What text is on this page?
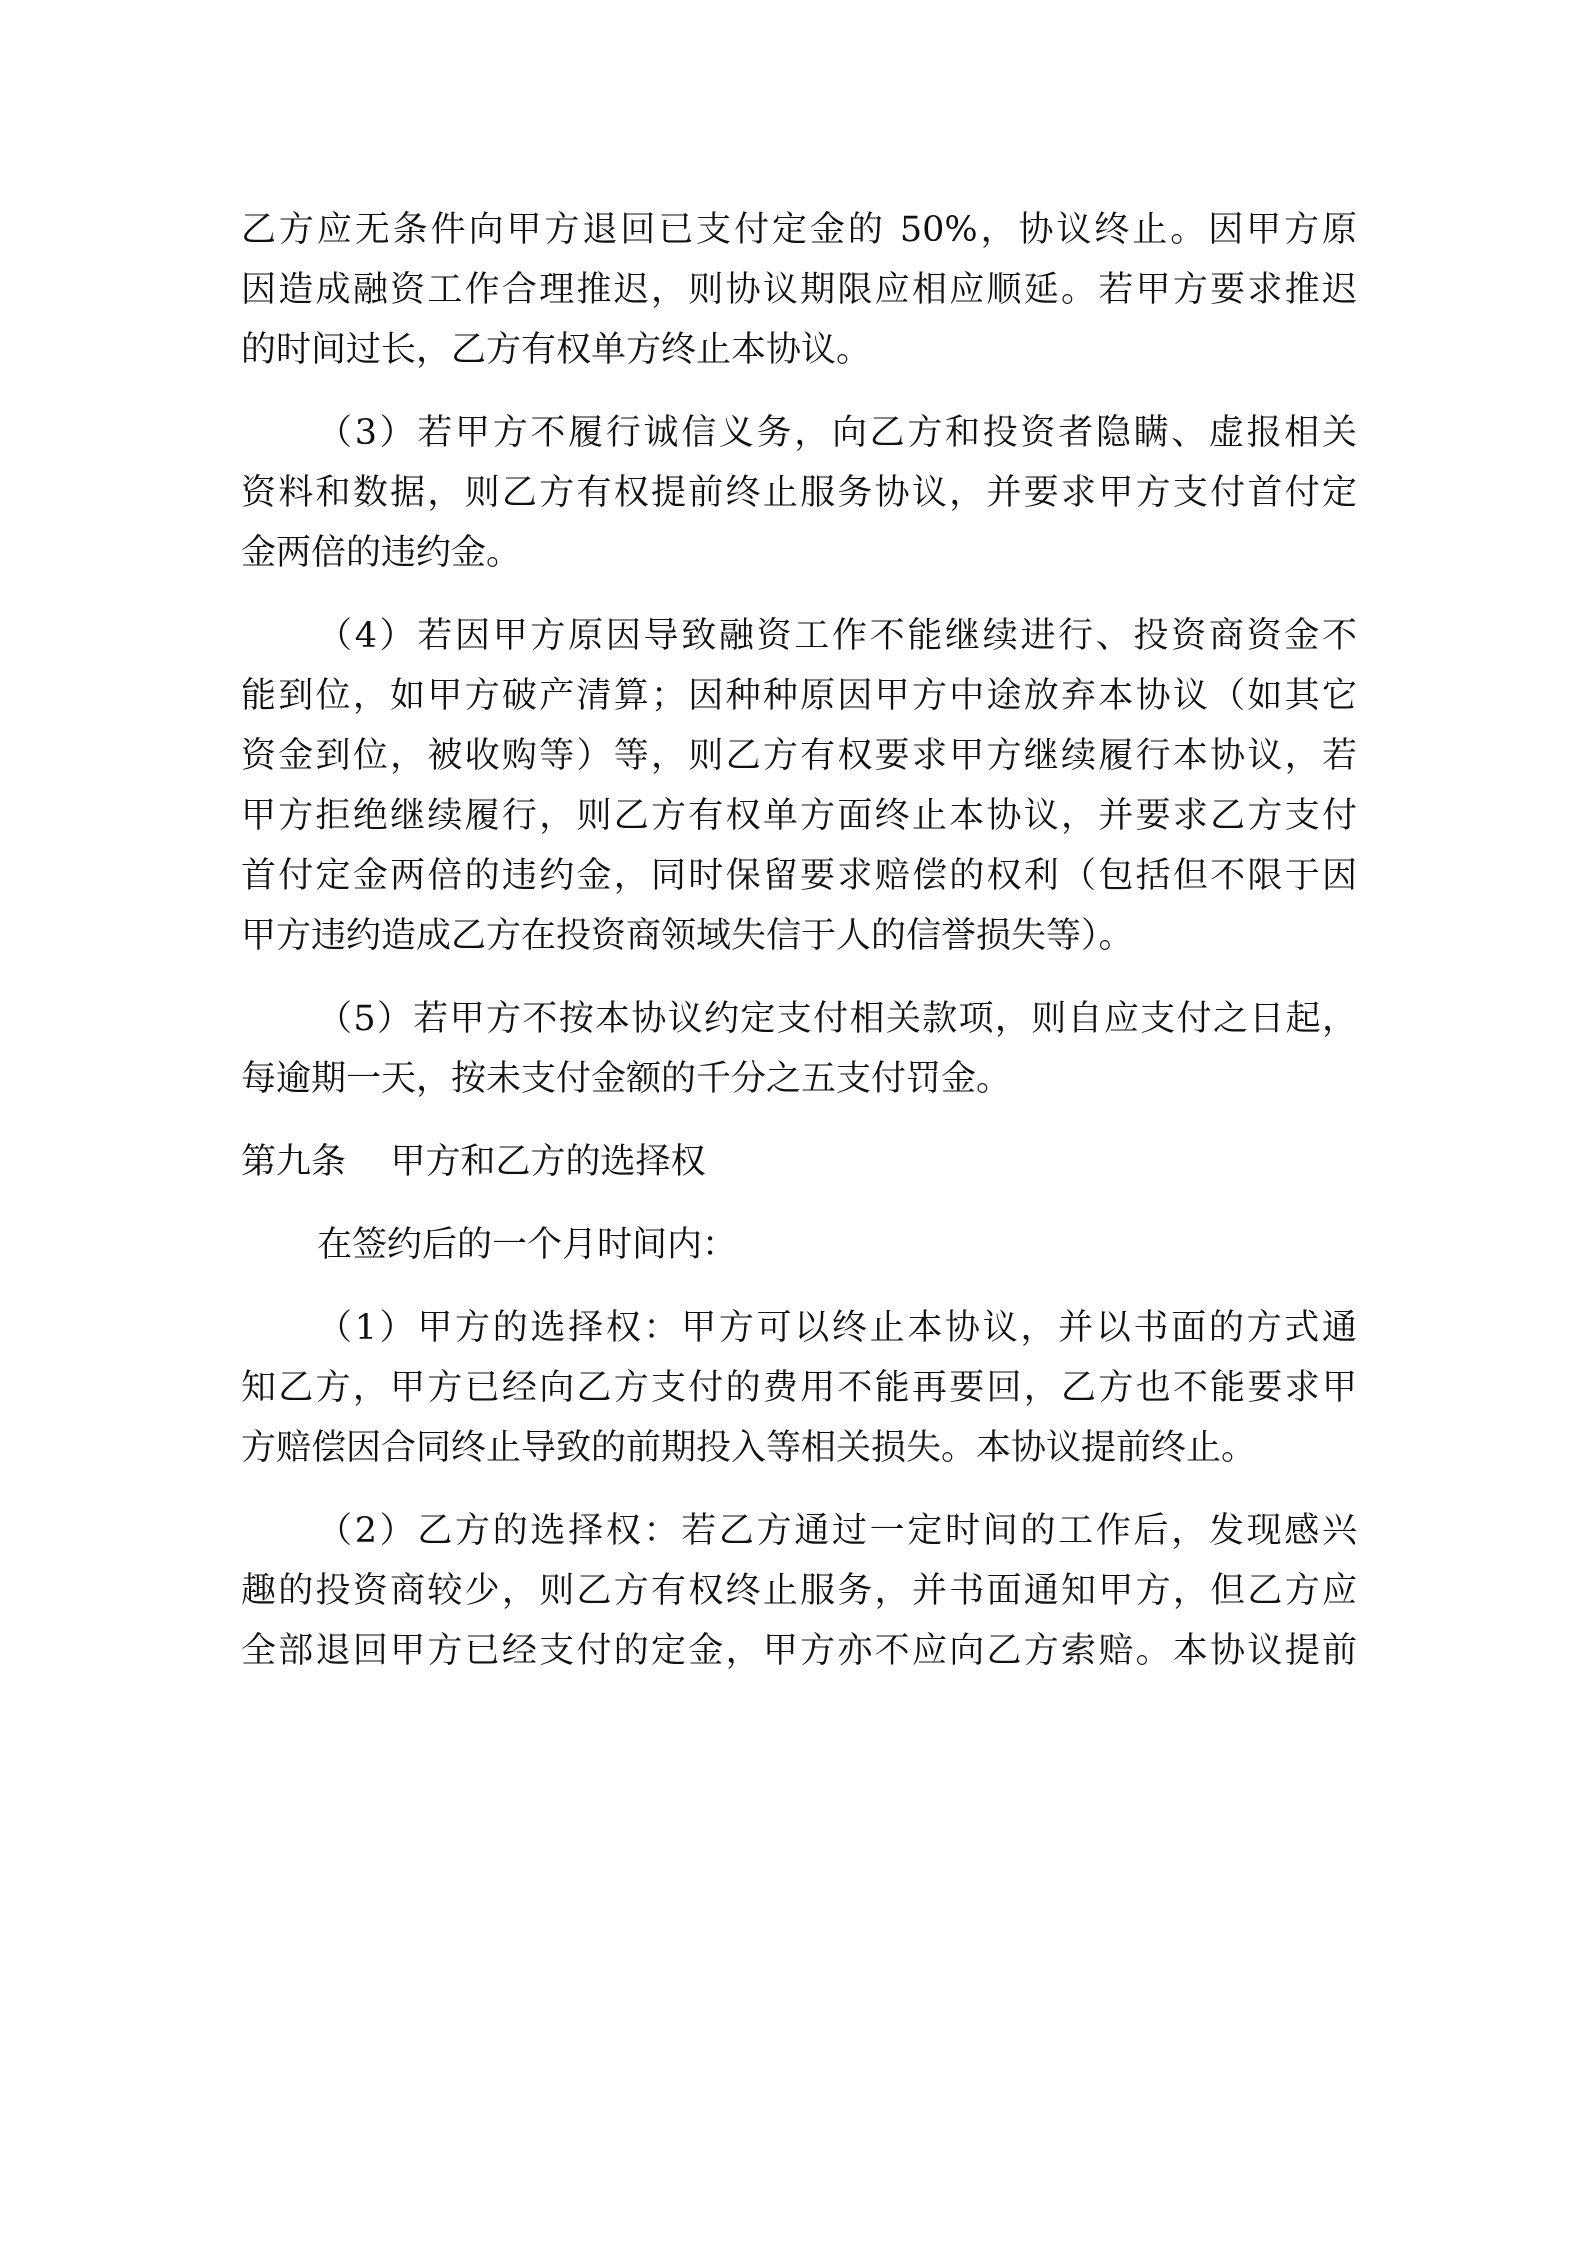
乙方应无条件向甲方退回已支付定金的 50%，协议终止。因甲方原
因造成融资工作合理推迟，则协议期限应相应顺延。若甲方要求推迟
的时间过长，乙方有权单方终止本协议。
（3）若甲方不履行诚信义务，向乙方和投资者隐瞒、虚报相关
资料和数据，则乙方有权提前终止服务协议，并要求甲方支付首付定
金两倍的违约金。
（4）若因甲方原因导致融资工作不能继续进行、投资商资金不
能到位，如甲方破产清算；因种种原因甲方中途放弃本协议（如其它
资金到位，被收购等）等，则乙方有权要求甲方继续履行本协议，若
甲方拒绝继续履行，则乙方有权单方面终止本协议，并要求乙方支付
首付定金两倍的违约金，同时保留要求赔偿的权利（包括但不限于因
甲方违约造成乙方在投资商领域失信于人的信誉损失等）。
（5）若甲方不按本协议约定支付相关款项，则自应支付之日起，
每逾期一天，按未支付金额的千分之五支付罚金。
第九条    甲方和乙方的选择权
在签约后的一个月时间内：
（1）甲方的选择权：甲方可以终止本协议，并以书面的方式通
知乙方，甲方已经向乙方支付的费用不能再要回，乙方也不能要求甲
方赔偿因合同终止导致的前期投入等相关损失。本协议提前终止。
（2）乙方的选择权：若乙方通过一定时间的工作后，发现感兴
趣的投资商较少，则乙方有权终止服务，并书面通知甲方，但乙方应
全部退回甲方已经支付的定金，甲方亦不应向乙方索赔。本协议提前
